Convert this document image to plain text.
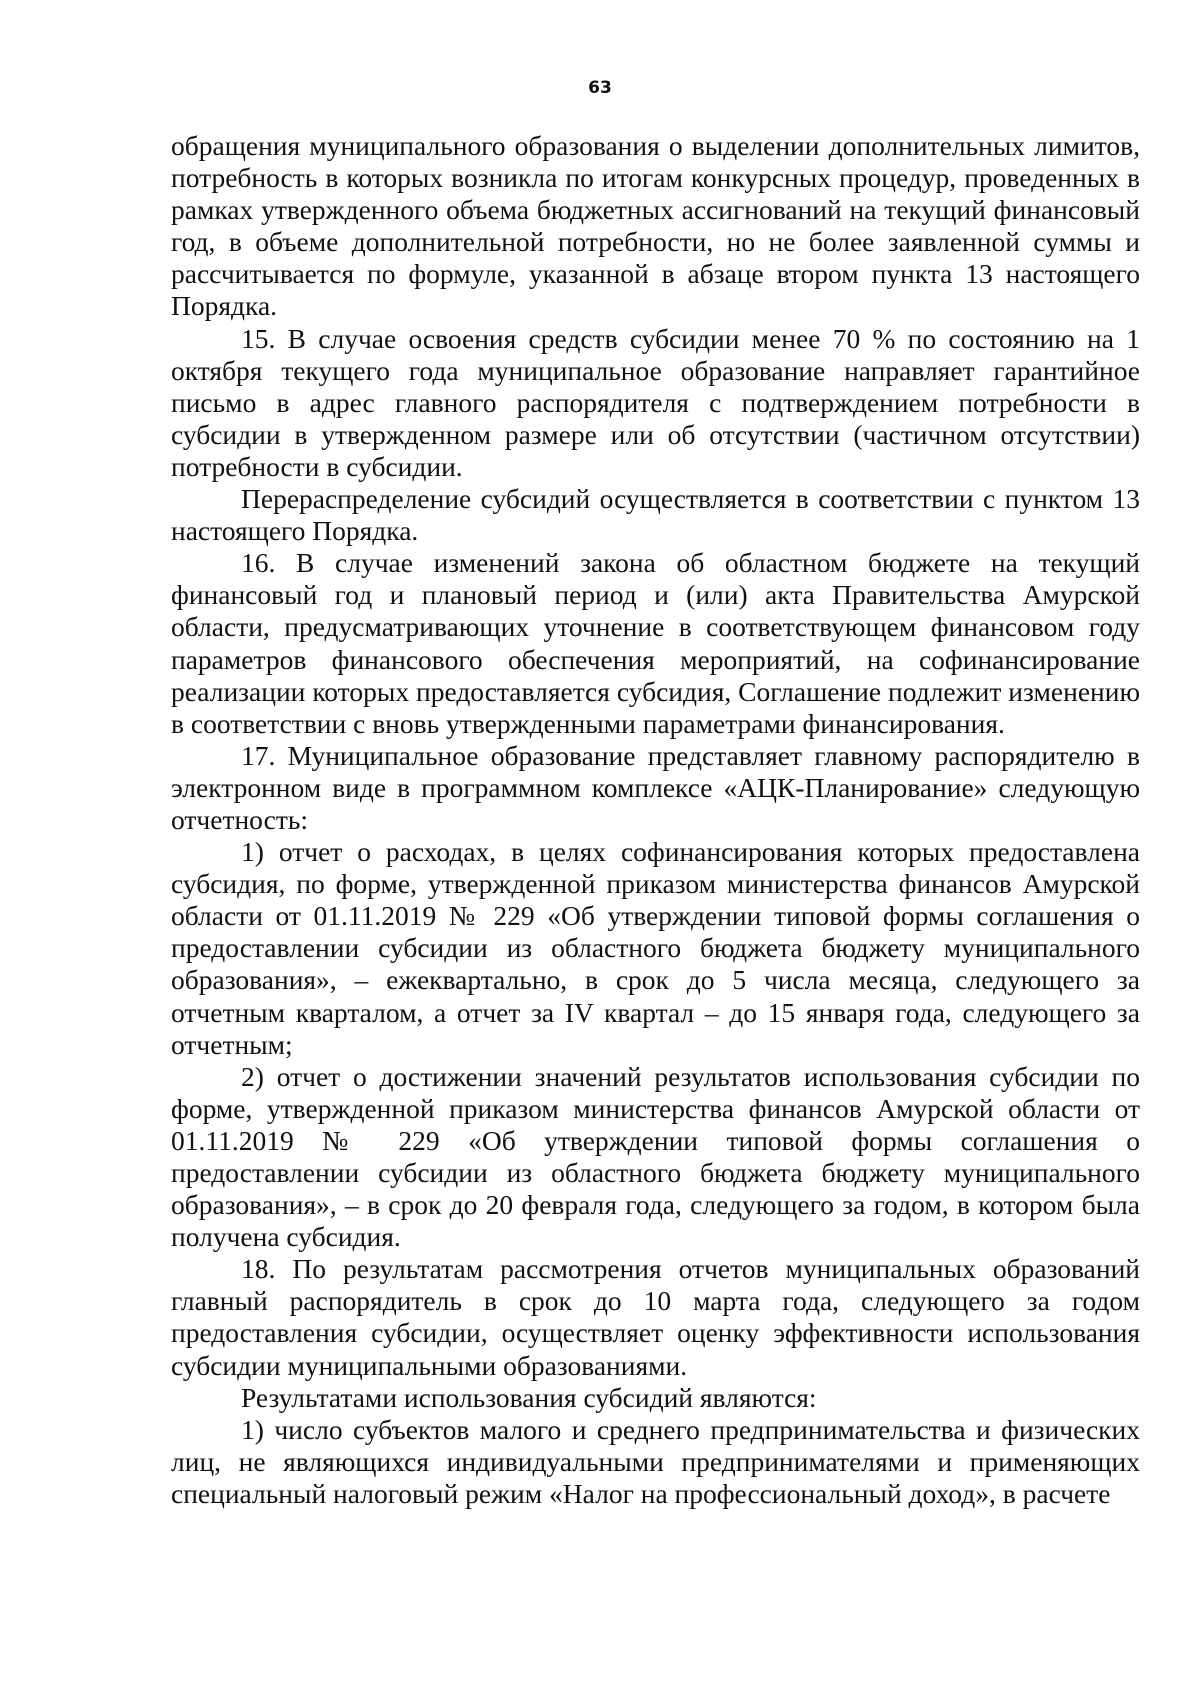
63

обращения муниципального образования о выделении дополнительных лимитов, потребность в которых возникла по итогам конкурсных процедур, проведенных в рамках утвержденного объема бюджетных ассигнований на текущий финансовый год, в объеме дополнительной потребности, но не более заявленной суммы и рассчитывается по формуле, указанной в абзаце втором пункта 13 настоящего Порядка.

15. В случае освоения средств субсидии менее 70 % по состоянию на 1 октября текущего года муниципальное образование направляет гарантийное письмо в адрес главного распорядителя с подтверждением потребности в субсидии в утвержденном размере или об отсутствии (частичном отсутствии) потребности в субсидии.

Перераспределение субсидий осуществляется в соответствии с пунктом 13 настоящего Порядка.

16. В случае изменений закона об областном бюджете на текущий финансовый год и плановый период и (или) акта Правительства Амурской области, предусматривающих уточнение в соответствующем финансовом году параметров финансового обеспечения мероприятий, на софинансирование реализации которых предоставляется субсидия, Соглашение подлежит изменению в соответствии с вновь утвержденными параметрами финансирования.

17. Муниципальное образование представляет главному распорядителю в электронном виде в программном комплексе «АЦК-Планирование» следующую отчетность:

1) отчет о расходах, в целях софинансирования которых предоставлена субсидия, по форме, утвержденной приказом министерства финансов Амурской области от 01.11.2019 № 229 «Об утверждении типовой формы соглашения о предоставлении субсидии из областного бюджета бюджету муниципального образования», – ежеквартально, в срок до 5 числа месяца, следующего за отчетным кварталом, а отчет за IV квартал – до 15 января года, следующего за отчетным;

2) отчет о достижении значений результатов использования субсидии по форме, утвержденной приказом министерства финансов Амурской области от 01.11.2019 № 229 «Об утверждении типовой формы соглашения о предоставлении субсидии из областного бюджета бюджету муниципального образования», – в срок до 20 февраля года, следующего за годом, в котором была получена субсидия.

18. По результатам рассмотрения отчетов муниципальных образований главный распорядитель в срок до 10 марта года, следующего за годом предоставления субсидии, осуществляет оценку эффективности использования субсидии муниципальными образованиями.

Результатами использования субсидий являются:

1) число субъектов малого и среднего предпринимательства и физических лиц, не являющихся индивидуальными предпринимателями и применяющих специальный налоговый режим «Налог на профессиональный доход», в расчете
